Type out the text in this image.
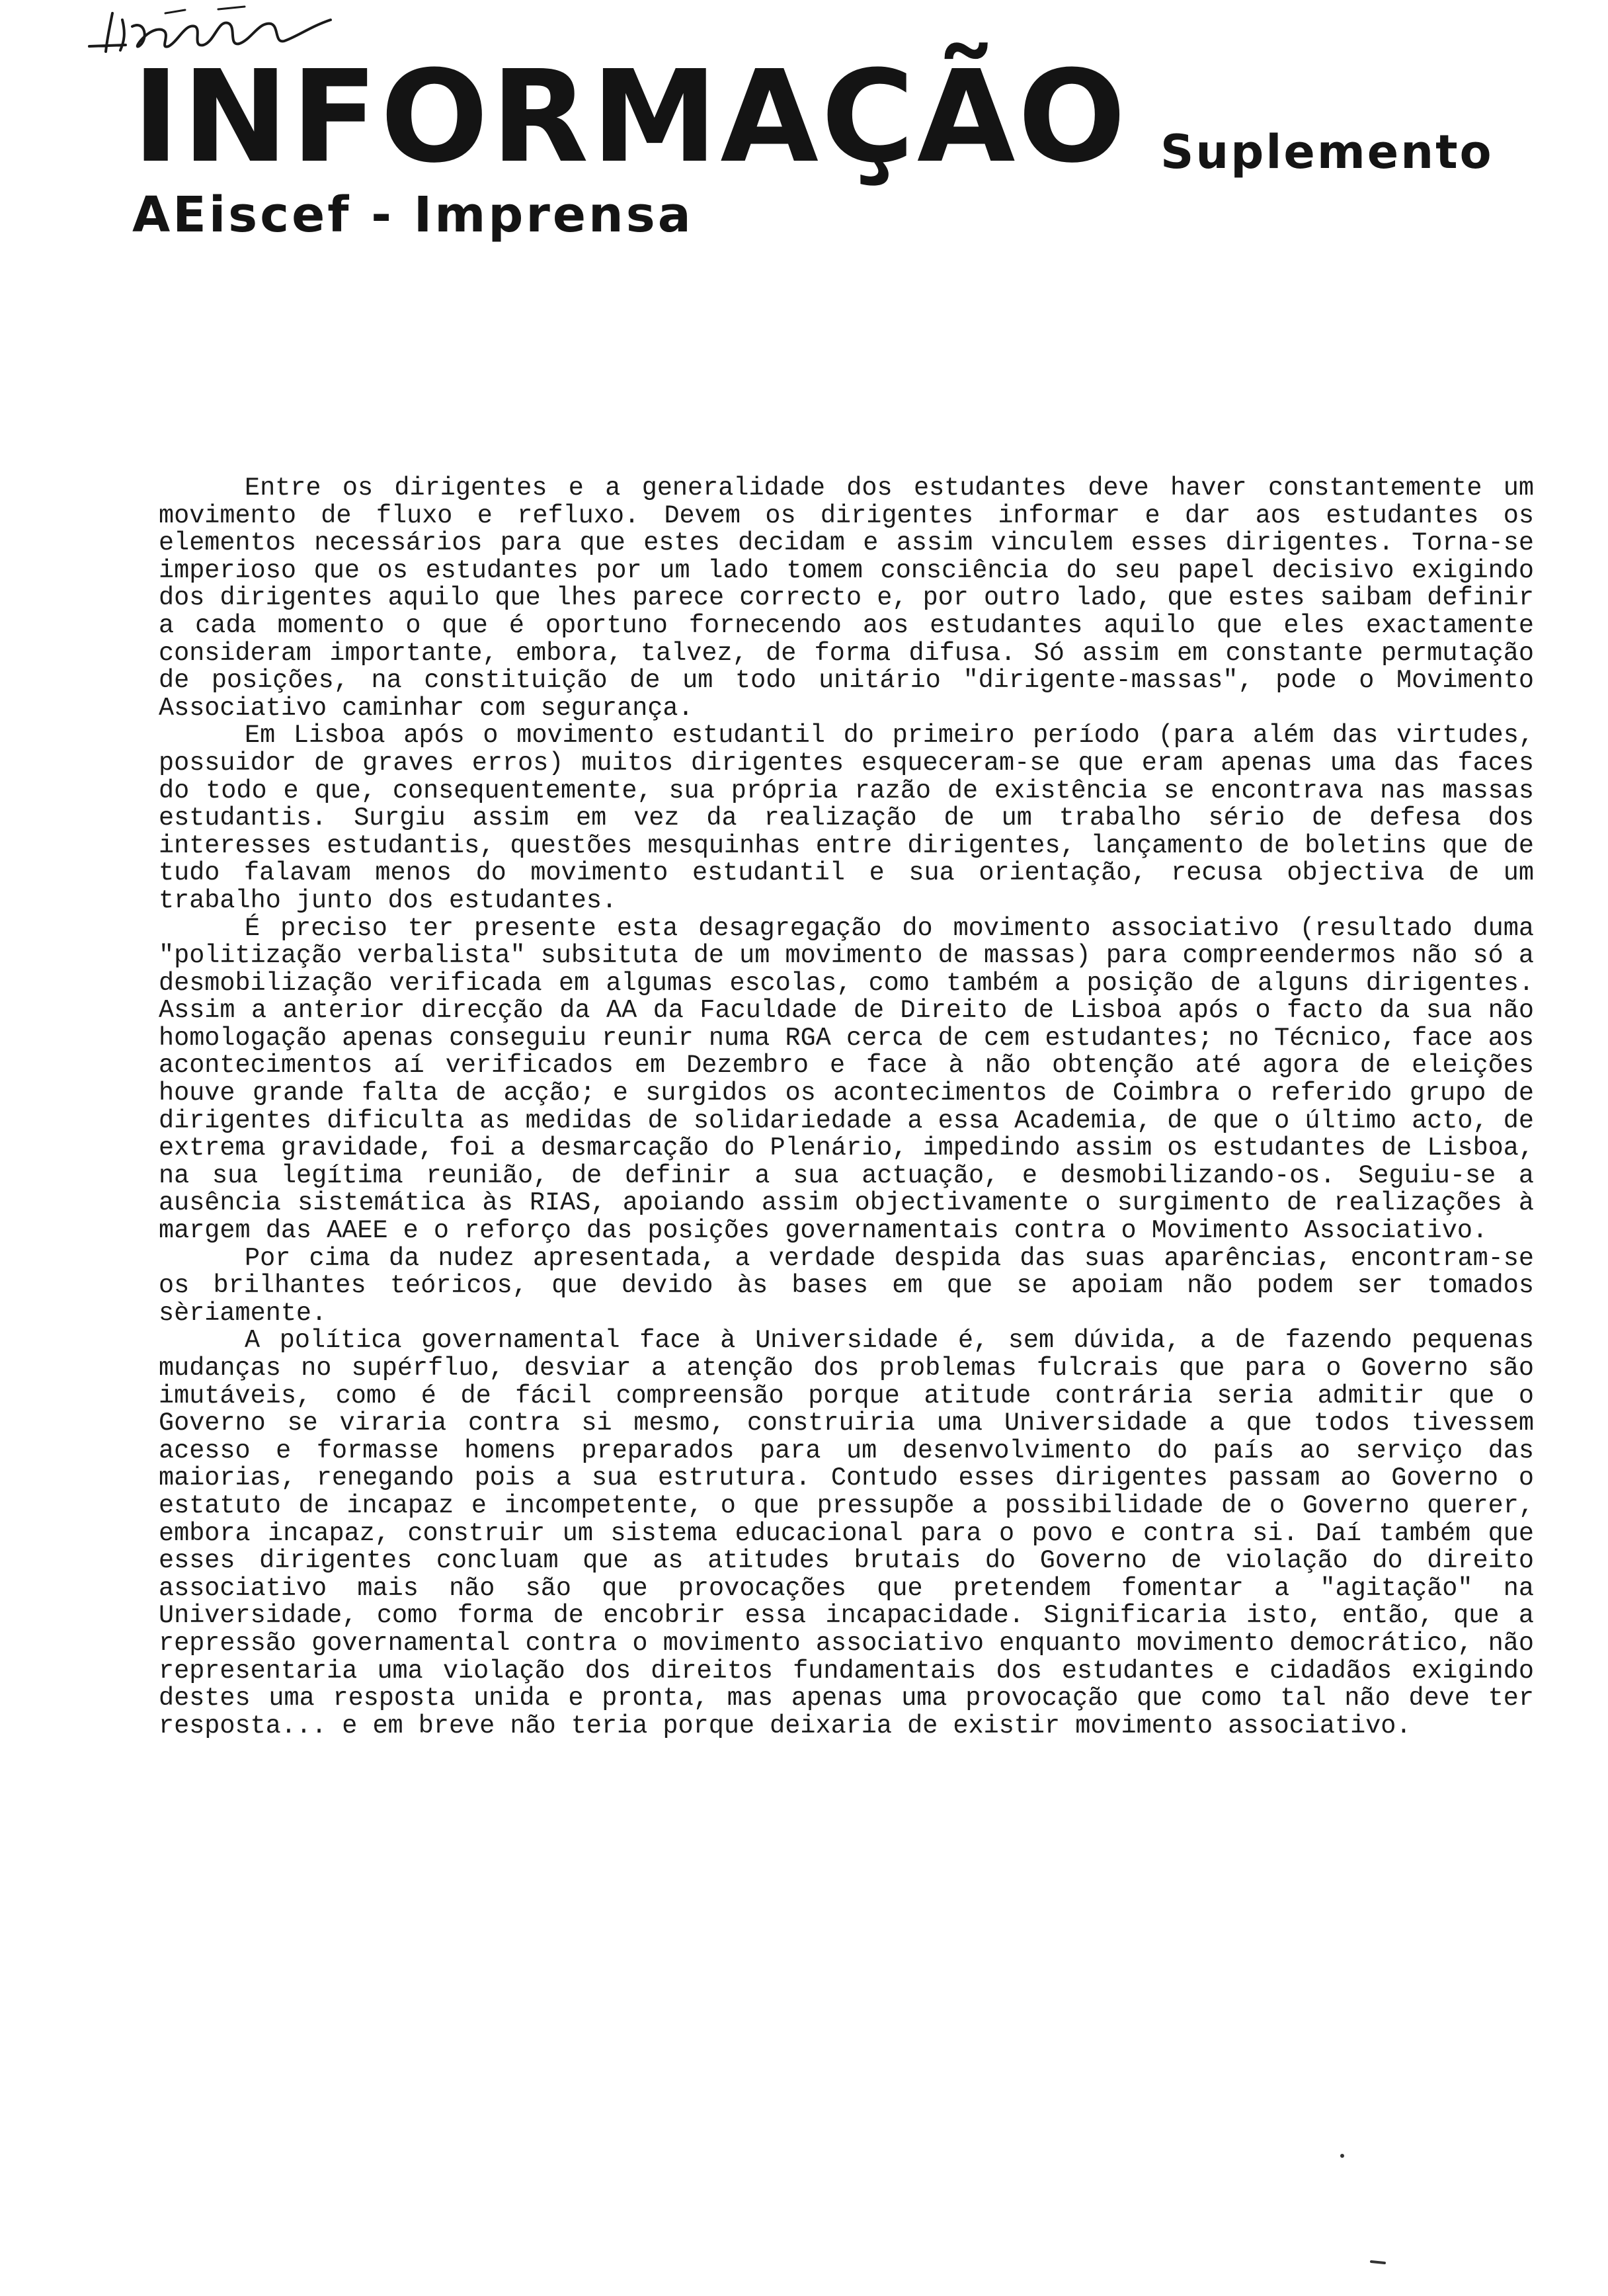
INFORMAÇÃO Suplemento
AEiscef - Imprensa

Entre os dirigentes e a generalidade dos estudantes deve haver constantemente um movimento de fluxo e refluxo. Devem os dirigentes informar e dar aos estudantes os elementos necessários para que estes decidam e assim vinculem esses dirigentes. Torna-se imperioso que os estudantes por um lado tomem consciência do seu papel decisivo exigindo dos dirigentes aquilo que lhes parece correcto e, por outro lado, que estes saibam definir a cada momento o que é oportuno fornecendo aos estudantes aquilo que eles exactamente consideram importante, embora, talvez, de forma difusa. Só assim em constante permutação de posições, na constituição de um todo unitário "dirigente-massas", pode o Movimento Associativo caminhar com segurança.

Em Lisboa após o movimento estudantil do primeiro período (para além das virtudes, possuidor de graves erros) muitos dirigentes esqueceram-se que eram apenas uma das faces do todo e que, consequentemente, sua própria razão de existência se encontrava nas massas estudantis. Surgiu assim em vez da realização de um trabalho sério de defesa dos interesses estudantis, questões mesquinhas entre dirigentes, lançamento de boletins que de tudo falavam menos do movimento estudantil e sua orientação, recusa objectiva de um trabalho junto dos estudantes.

É preciso ter presente esta desagregação do movimento associativo (resultado duma "politização verbalista" subsituta de um movimento de massas) para compreendermos não só a desmobilização verificada em algumas escolas, como também a posição de alguns dirigentes. Assim a anterior direcção da AA da Faculdade de Direito de Lisboa após o facto da sua não homologação apenas conseguiu reunir numa RGA cerca de cem estudantes; no Técnico, face aos acontecimentos aí verificados em Dezembro e face à não obtenção até agora de eleições houve grande falta de acção; e surgidos os acontecimentos de Coimbra o referido grupo de dirigentes dificulta as medidas de solidariedade a essa Academia, de que o último acto, de extrema gravidade, foi a desmarcação do Plenário, impedindo assim os estudantes de Lisboa, na sua legítima reunião, de definir a sua actuação, e desmobilizando-os. Seguiu-se a ausência sistemática às RIAS, apoiando assim objectivamente o surgimento de realizações à margem das AAEE e o reforço das posições governamentais contra o Movimento Associativo.

Por cima da nudez apresentada, a verdade despida das suas aparências, encontram-se os brilhantes teóricos, que devido às bases em que se apoiam não podem ser tomados sèriamente.

A política governamental face à Universidade é, sem dúvida, a de fazendo pequenas mudanças no supérfluo, desviar a atenção dos problemas fulcrais que para o Governo são imutáveis, como é de fácil compreensão porque atitude contrária seria admitir que o Governo se viraria contra si mesmo, construiria uma Universidade a que todos tivessem acesso e formasse homens preparados para um desenvolvimento do país ao serviço das maiorias, renegando pois a sua estrutura. Contudo esses dirigentes passam ao Governo o estatuto de incapaz e incompetente, o que pressupõe a possibilidade de o Governo querer, embora incapaz, construir um sistema educacional para o povo e contra si. Daí também que esses dirigentes concluam que as atitudes brutais do Governo de violação do direito associativo mais não são que provocações que pretendem fomentar a "agitação" na Universidade, como forma de encobrir essa incapacidade. Significaria isto, então, que a repressão governamental contra o movimento associativo enquanto movimento democrático, não representaria uma violação dos direitos fundamentais dos estudantes e cidadãos exigindo destes uma resposta unida e pronta, mas apenas uma provocação que como tal não deve ter resposta... e em breve não teria porque deixaria de existir movimento associativo.
